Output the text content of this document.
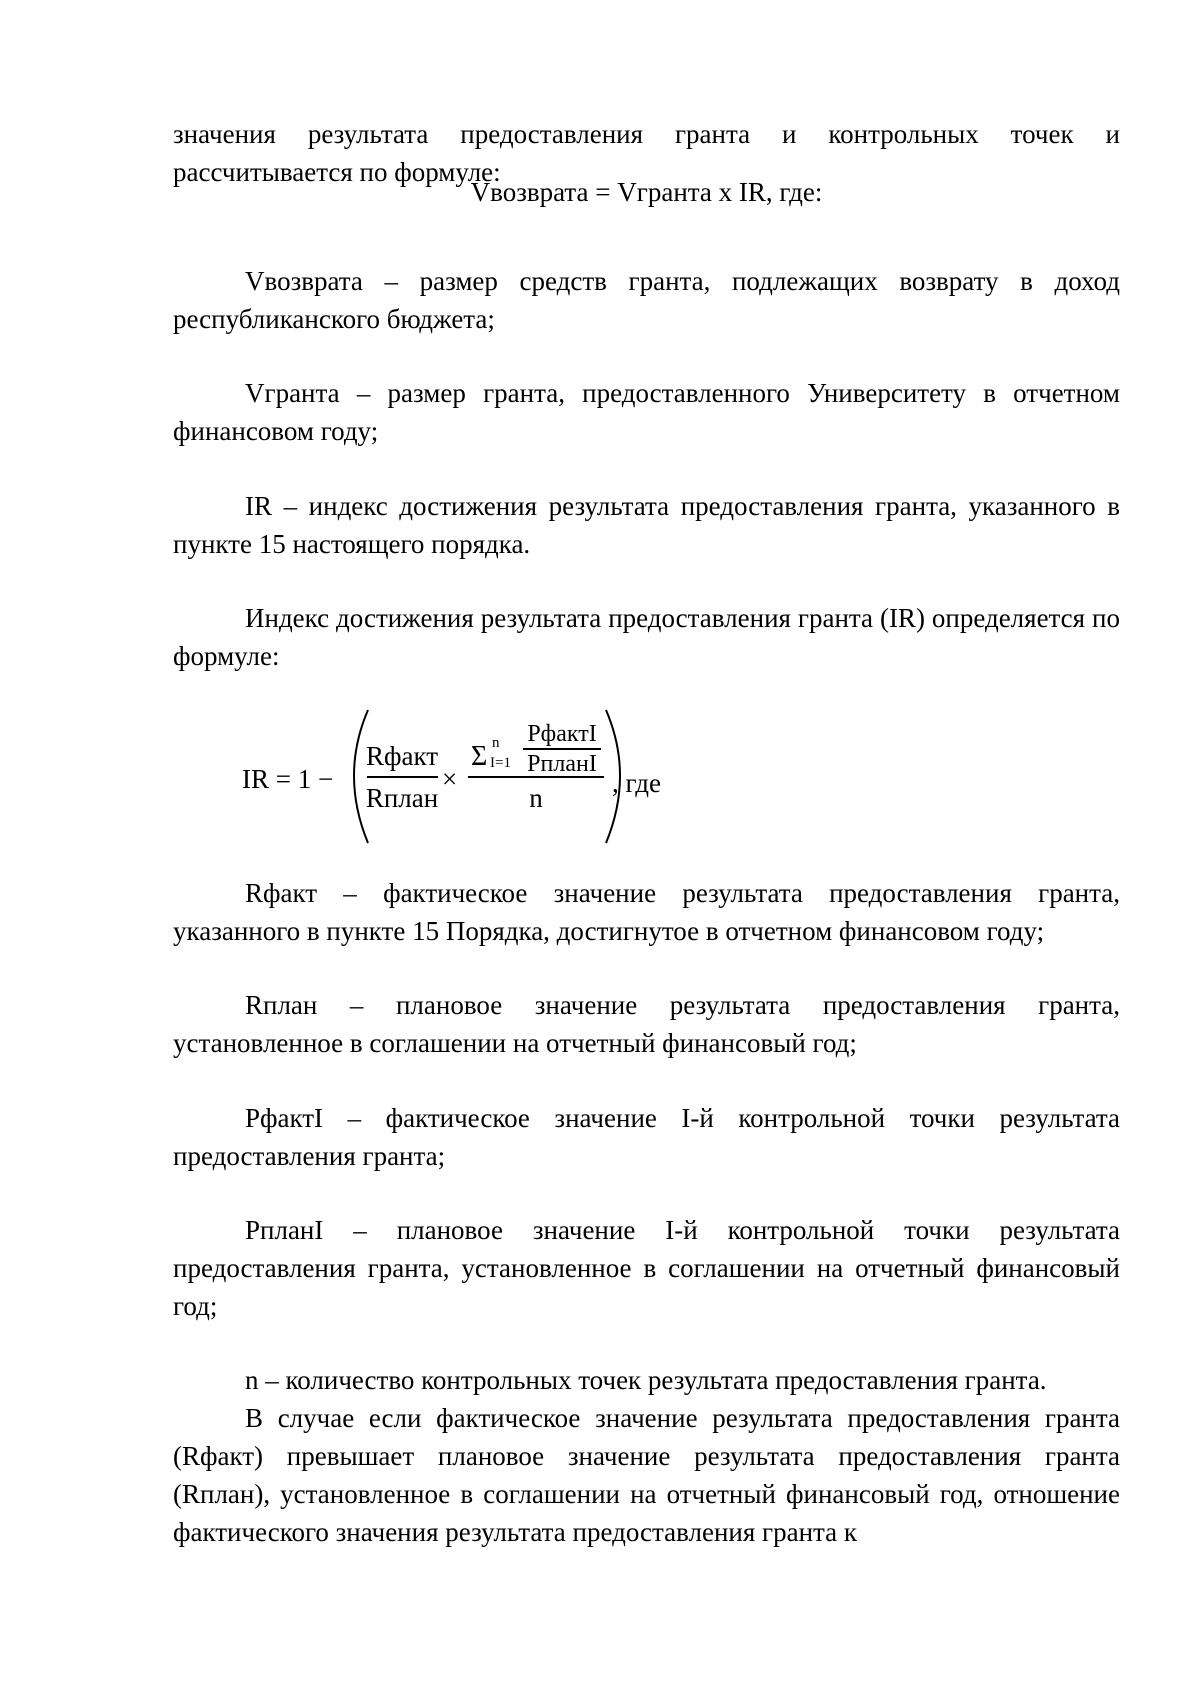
значения результата предоставления гранта и контрольных точек и рассчитывается по формуле:

Vвозврата = Vгранта x IR, где:

Vвозврата – размер средств гранта, подлежащих возврату в доход республиканского бюджета;

Vгранта – размер гранта, предоставленного Университету в отчетном финансовом году;

IR – индекс достижения результата предоставления гранта, указанного в пункте 15 настоящего порядка.

Индекс достижения результата предоставления гранта (IR) определяется по формуле:

IR = 1 −
Rфакт
Rплан
×
Σ n
I=1
PфактI
PпланI
n	, где

Rфакт – фактическое значение результата предоставления гранта, указанного в пункте 15 Порядка, достигнутое в отчетном финансовом году;

Rплан – плановое значение результата предоставления гранта, установленное в соглашении на отчетный финансовый год;

PфактI – фактическое значение I-й контрольной точки результата предоставления гранта;

PпланI – плановое значение I-й контрольной точки результата предоставления гранта, установленное в соглашении на отчетный финансовый год;

n – количество контрольных точек результата предоставления гранта.

В случае если фактическое значение результата предоставления гранта (Rфакт) превышает плановое значение результата предоставления гранта (Rплан), установленное в соглашении на отчетный финансовый год, отношение фактического значения результата предоставления гранта к
